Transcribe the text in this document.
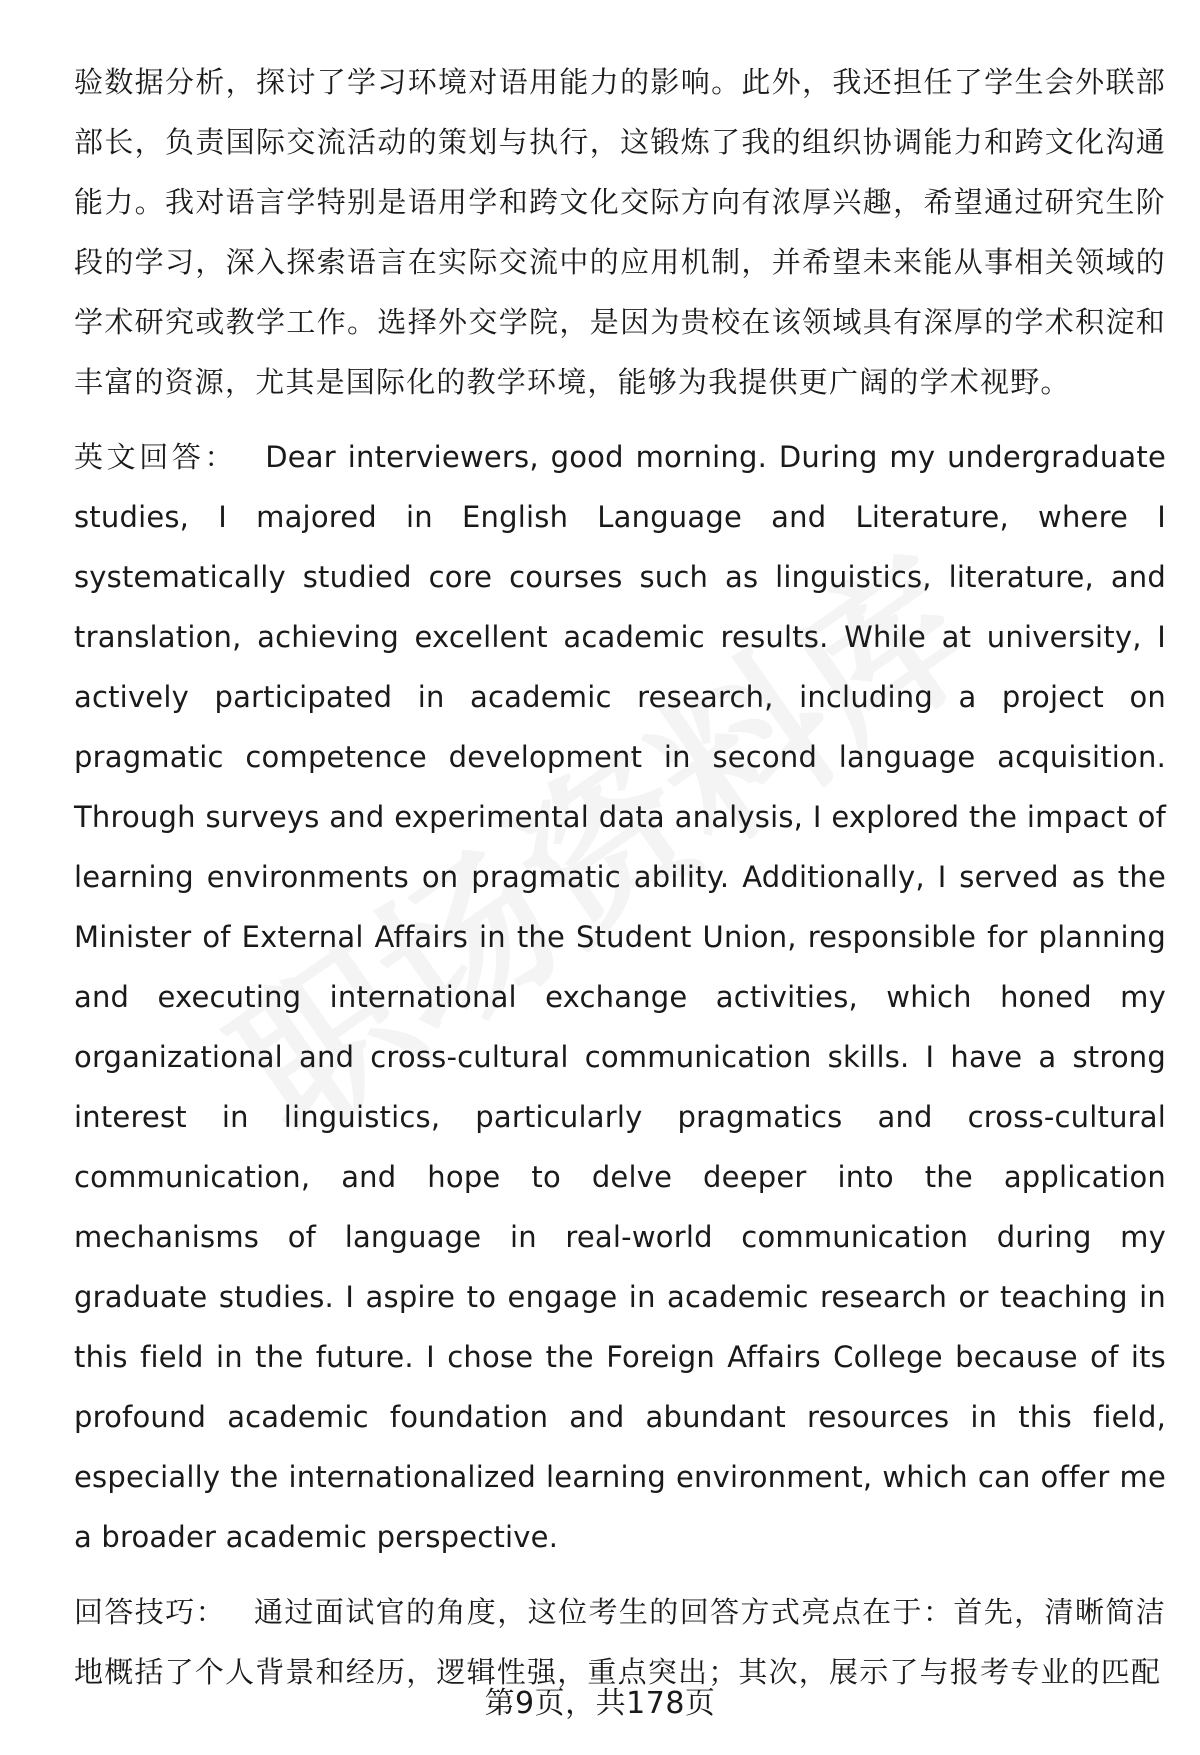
验数据分析，探讨了学习环境对语用能力的影响。此外，我还担任了学生会外联部部长，负责国际交流活动的策划与执行，这锻炼了我的组织协调能力和跨文化沟通能力。我对语言学特别是语用学和跨文化交际方向有浓厚兴趣，希望通过研究生阶段的学习，深入探索语言在实际交流中的应用机制，并希望未来能从事相关领域的学术研究或教学工作。选择外交学院，是因为贵校在该领域具有深厚的学术积淀和丰富的资源，尤其是国际化的教学环境，能够为我提供更广阔的学术视野。

英文回答： Dear interviewers, good morning. During my undergraduate studies, I majored in English Language and Literature, where I systematically studied core courses such as linguistics, literature, and translation, achieving excellent academic results. While at university, I actively participated in academic research, including a project on pragmatic competence development in second language acquisition. Through surveys and experimental data analysis, I explored the impact of learning environments on pragmatic ability. Additionally, I served as the Minister of External Affairs in the Student Union, responsible for planning and executing international exchange activities, which honed my organizational and cross-cultural communication skills. I have a strong interest in linguistics, particularly pragmatics and cross-cultural communication, and hope to delve deeper into the application mechanisms of language in real-world communication during my graduate studies. I aspire to engage in academic research or teaching in this field in the future. I chose the Foreign Affairs College because of its profound academic foundation and abundant resources in this field, especially the internationalized learning environment, which can offer me a broader academic perspective.

回答技巧： 通过面试官的角度，这位考生的回答方式亮点在于：首先，清晰简洁地概括了个人背景和经历，逻辑性强，重点突出；其次，展示了与报考专业的匹配

第9页，共178页
